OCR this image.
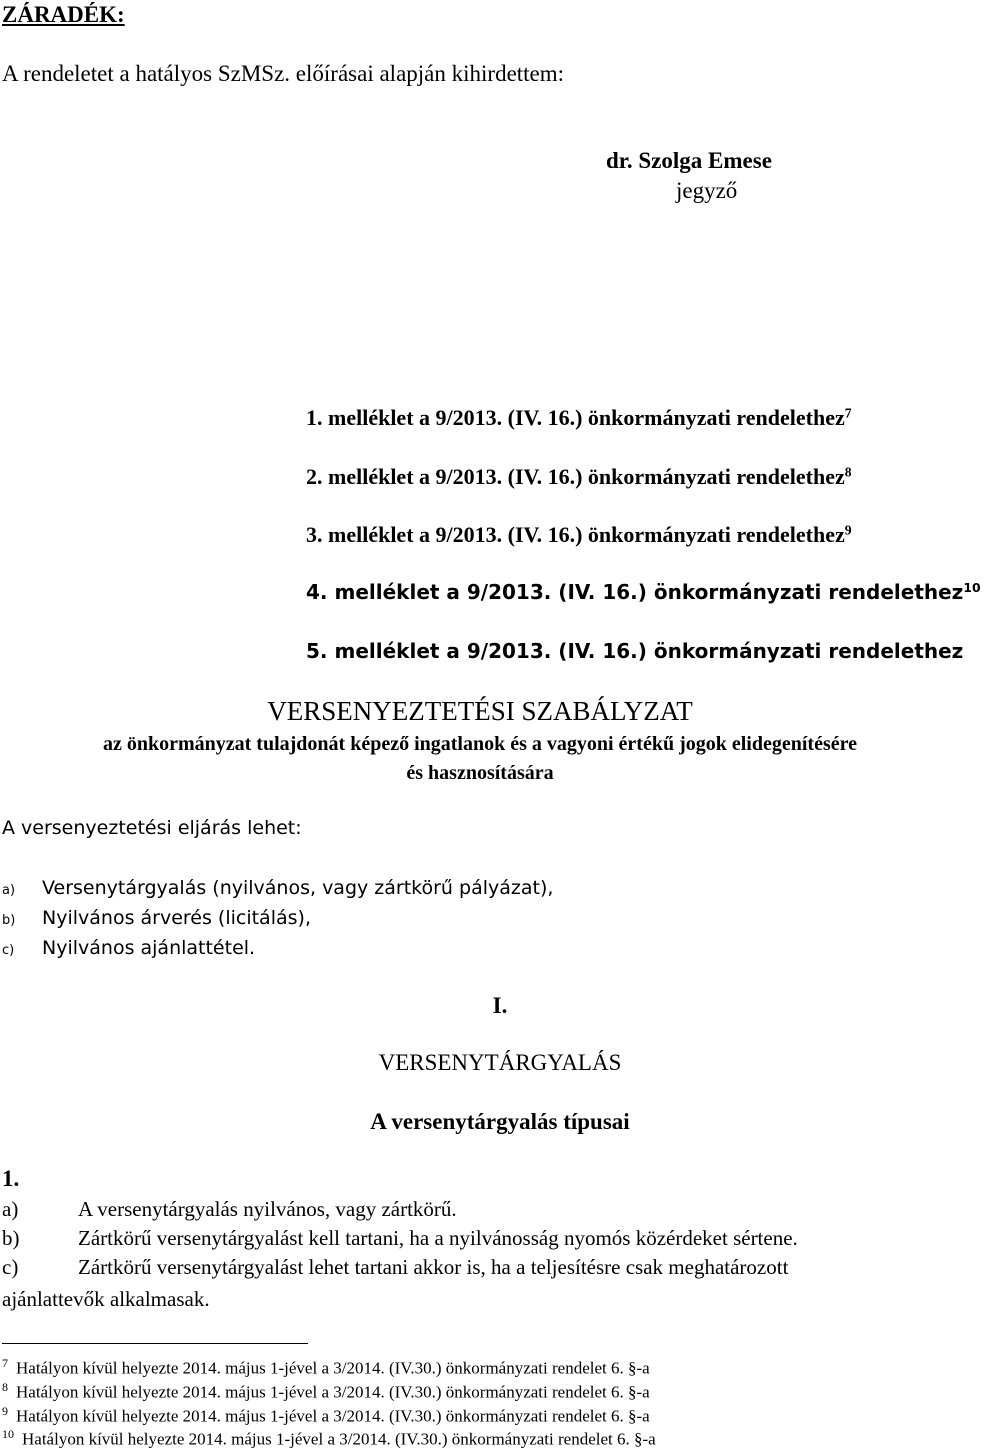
ZÁRADÉK:
A rendeletet a hatályos SzMSz. előírásai alapján kihirdettem:
dr. Szolga Emese
jegyző
1. melléklet a 9/2013. (IV. 16.) önkormányzati rendelethez$^7$
2. melléklet a 9/2013. (IV. 16.) önkormányzati rendelethez$^8$
3. melléklet a 9/2013. (IV. 16.) önkormányzati rendelethez$^9$
4. melléklet a 9/2013. (IV. 16.) önkormányzati rendelethez$^{10}$
5. melléklet a 9/2013. (IV. 16.) önkormányzati rendelethez
VERSENYEZTETÉSI SZABÁLYZAT
az önkormányzat tulajdonát képező ingatlanok és a vagyoni értékű jogok elidegenítésére
és hasznosítására
A versenyeztetési eljárás lehet:
a) Versenytárgyalás (nyilvános, vagy zártkörű pályázat),
b) Nyilvános árverés (licitálás),
c) Nyilvános ajánlattétel.
I.
VERSENYTÁRGYALÁS
A versenytárgyalás típusai
1.
a)	A versenytárgyalás nyilvános, vagy zártkörű.
b)	Zártkörű versenytárgyalást kell tartani, ha a nyilvánosság nyomós közérdeket sértene.
c)	Zártkörű versenytárgyalást lehet tartani akkor is, ha a teljesítésre csak meghatározott
ajánlattevők alkalmasak.
7 Hatályon kívül helyezte 2014. május 1-jével a 3/2014. (IV.30.) önkormányzati rendelet 6. §-a
8 Hatályon kívül helyezte 2014. május 1-jével a 3/2014. (IV.30.) önkormányzati rendelet 6. §-a
9 Hatályon kívül helyezte 2014. május 1-jével a 3/2014. (IV.30.) önkormányzati rendelet 6. §-a
10 Hatályon kívül helyezte 2014. május 1-jével a 3/2014. (IV.30.) önkormányzati rendelet 6. §-a
